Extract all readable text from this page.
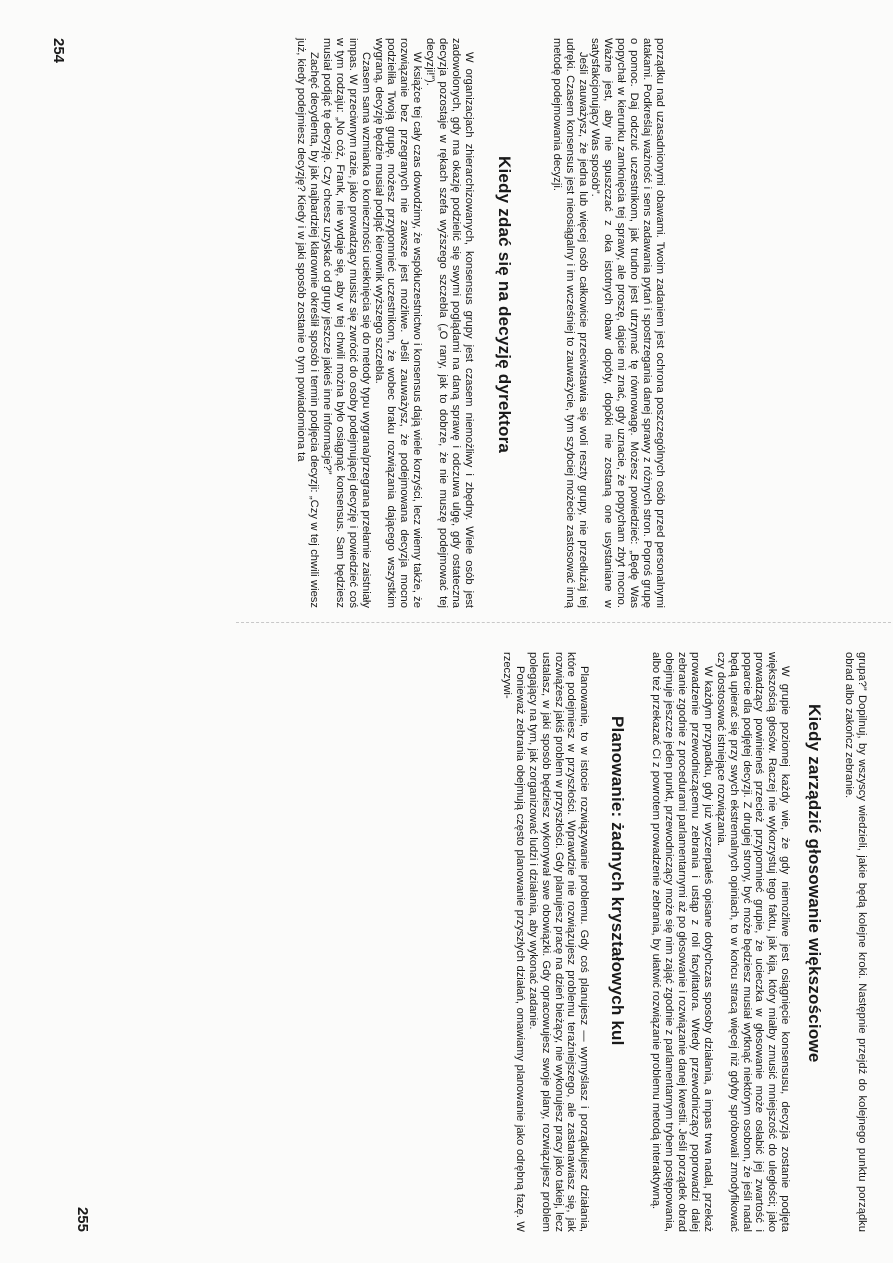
porządku nad uzasadnionymi obawami. Twoim zadaniem jest ochrona poszczególnych osób przed personalnymi atakami. Podkreślaj ważność i sens zadawania pytań i spostrzegania danej sprawy z różnych stron. Poproś grupę o pomoc. Daj odczuć uczestnikom, jak trudno jest utrzymać tę równowagę. Możesz powiedzieć: „Będę Was popychał w kierunku zamknięcia tej sprawy, ale proszę, dajcie mi znać, gdy uznacie, że popycham zbyt mocno. Ważne jest, aby nie spuszczać z oka istotnych obaw dopóty, dopóki nie zostaną one usystaniane w satysfakcjonujący Was sposób”.

Jeśli zauważysz, że jedna lub więcej osób całkowicie przeciwstawia się woli reszty grupy, nie przedłużaj tej udręki. Czasem konsensus jest nieosiągalny i im wcześniej to zauważycie, tym szybciej możecie zastosować inną metodę podejmowania decyzji.

Kiedy zdać się na decyzję dyrektora

W organizacjach zhierarchizowanych, konsensus grupy jest czasem niemożliwy i zbędny. Wiele osób jest zadowolonych, gdy ma okazję podzielić się swymi poglądami na daną sprawę i odczuwa ulgę, gdy ostateczna decyzja pozostaje w rękach szefa wyższego szczebla („O rany, jak to dobrze, że nie muszę podejmować tej decyzji!”).

W książce tej cały czas dowodzimy, że współuczestnictwo i konsensus dają wiele korzyści, lecz wiemy także, że rozwiązanie bez przegranych nie zawsze jest możliwe. Jeśli zauważysz, że podejmowana decyzja mocno podzieliła Twoją grupę, możesz przypomnieć uczestnikom, że wobec braku rozwiązania dającego wszystkim wygraną, decyzję będzie musiał podjąć kierownik wyższego szczebla.

Czasem sama wzmianka o konieczności ucieknięcia się do metody typu wygrana/przegrana przełamie zaistniały impas. W przeciwnym razie, jako prowadzący musisz się zwrócić do osoby podejmującej decyzję i powiedzieć coś w tym rodzaju: „No cóż, Frank, nie wydaje się, aby w tej chwili można było osiągnąć konsensus. Sam będziesz musiał podjąć tę decyzję. Czy chcesz uzyskać od grupy jeszcze jakieś inne informacje?”

Zachęć decydenta, by jak najbardziej klarownie określił sposób i termin podjęcia decyzji: „Czy w tej chwili wiesz już, kiedy podejmiesz decyzję? Kiedy i w jaki sposób zostanie o tym powiadomiona ta

254

grupa?” Dopilnuj, by wszyscy wiedzieli, jakie będą kolejne kroki. Następnie przejdź do kolejnego punktu porządku obrad albo zakończ zebranie.

Kiedy zarządzić głosowanie większościowe

W grupie poziomej każdy wie, że gdy niemożliwe jest osiągnięcie konsensusu, decyzja zostanie podjęta większością głosów. Raczej nie wykorzystuj tego faktu, jak kija, który miałby zmusić mniejszość do uległości; jako prowadzący powinieneś przecież przypomnieć grupie, że ucieczka w głosowanie może osłabić jej zwartość i poparcie dla podjętej decyzji. Z drugiej strony, być może będziesz musiał wytknąć niektórym osobom, że jeśli nadal będą upierać się przy swych ekstremalnych opiniach, to w końcu stracą więcej niż gdyby spróbowali zmodyfikować czy dostosować istniejące rozwiązania.

W każdym przypadku, gdy już wyczerpałeś opisane dotychczas sposoby działania, a impas trwa nadal, przekaż prowadzenie przewodniczącemu zebrania i ustąp z roli facylitatora. Wtedy przewodniczący poprowadzi dalej zebranie zgodnie z procedurami parlamentarnymi aż po głosowanie i rozwiązanie danej kwestii. Jeśli porządek obrad obejmuje jeszcze jeden punkt, przewodniczący może się nim zająć zgodnie z parlamentarnym trybem postępowania, albo też przekazać Ci z powrotem prowadzenie zebrania, by ułatwić rozwiązanie problemu metodą interaktywną.

Planowanie: żadnych kryształowych kul

Planowanie, to w istocie rozwiązywanie problemu. Gdy coś planujesz — wymyślasz i porządkujesz działania, które podejmiesz w przyszłości. Wprawdzie nie rozwiązujesz problemu teraźniejszego, ale zastanawiasz się, jak rozwiążesz jakiś problem w przyszłości. Gdy planujesz pracę na dzień bieżący, nie wykonujesz pracy jako takiej, lecz ustalasz, w jaki sposób będziesz wykonywał swe obowiązki. Gdy opracowujesz swoje plany, rozwiązujesz problem polegający na tym, jak zorganizować ludzi i działania, aby wykonać zadanie.

Ponieważ zebrania obejmują często planowanie przyszłych działań, omawiamy planowanie jako odrębną fazę. W rzeczywi-

255
